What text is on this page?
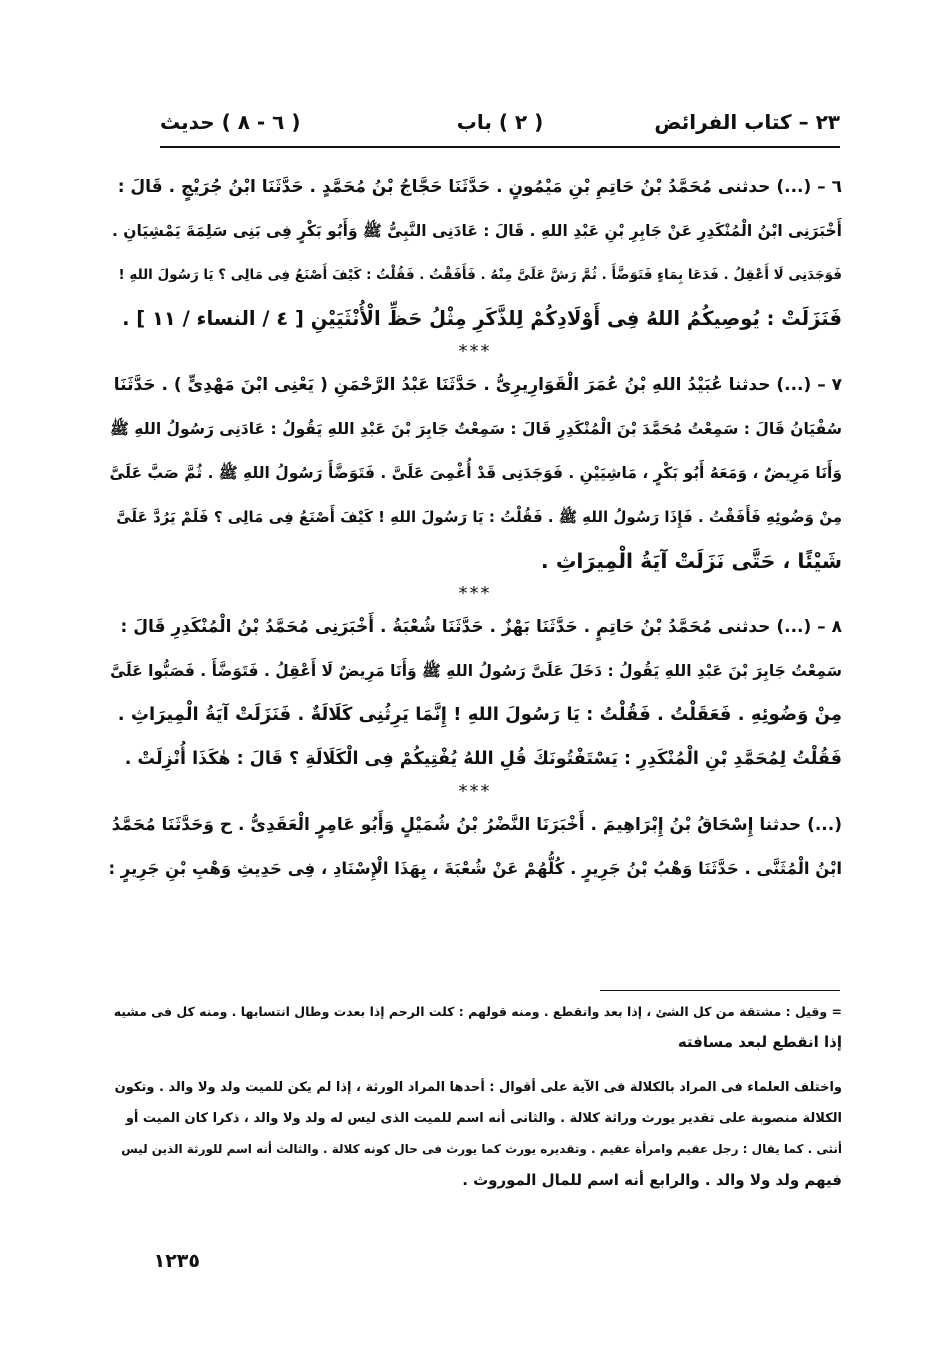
٢٣ – كتاب الفرائض
( ٢ ) باب
( ٦ - ٨ ) حديث

٦ – (...) حدثنى مُحَمَّدُ بْنُ حَاتِمِ بْنِ مَيْمُونٍ . حَدَّثَنَا حَجَّاجُ بْنُ مُحَمَّدٍ . حَدَّثَنَا ابْنُ جُرَيْجٍ . قَالَ :

أَخْبَرَنِى ابْنُ الْمُنْكَدِرِ عَنْ جَابِرِ بْنِ عَبْدِ اللهِ . قَالَ : عَادَنِى النَّبِىُّ ﷺ وَأَبُو بَكْرٍ فِى بَنِى سَلِمَةَ يَمْشِيَانِ .

فَوَجَدَنِى لَا أَعْقِلُ . فَدَعَا بِمَاءٍ فَتَوَضَّأَ . ثُمَّ رَشَّ عَلَىَّ مِنْهُ . فَأَفَقْتُ . فَقُلْتُ : كَيْفَ أَصْنَعُ فِى مَالِى ؟ يَا رَسُولَ اللهِ !

فَنَزَلَتْ : يُوصِيكُمُ اللهُ فِى أَوْلَادِكُمْ لِلذَّكَرِ مِثْلُ حَظِّ الْأُنْثَيَيْنِ [ ٤ / النساء / ١١ ] .

***

٧ – (...) حدثنا عُبَيْدُ اللهِ بْنُ عُمَرَ الْقَوَارِيرِىُّ . حَدَّثَنَا عَبْدُ الرَّحْمَنِ ( يَعْنِى ابْنَ مَهْدِىٍّ ) . حَدَّثَنَا

سُفْيَانُ قَالَ : سَمِعْتُ مُحَمَّدَ بْنَ الْمُنْكَدِرِ قَالَ : سَمِعْتُ جَابِرَ بْنَ عَبْدِ اللهِ يَقُولُ : عَادَنِى رَسُولُ اللهِ ﷺ

وَأَنَا مَرِيضٌ ، وَمَعَهُ أَبُو بَكْرٍ ، مَاشِيَيْنِ . فَوَجَدَنِى قَدْ أُغْمِىَ عَلَىَّ . فَتَوَضَّأَ رَسُولُ اللهِ ﷺ . ثُمَّ صَبَّ عَلَىَّ

مِنْ وَضُوئِهِ فَأَفَقْتُ . فَإِذَا رَسُولُ اللهِ ﷺ . فَقُلْتُ : يَا رَسُولَ اللهِ ! كَيْفَ أَصْنَعُ فِى مَالِى ؟ فَلَمْ يَرُدَّ عَلَىَّ

شَيْئًا ، حَتَّى نَزَلَتْ آيَةُ الْمِيرَاثِ .

***

٨ – (...) حدثنى مُحَمَّدُ بْنُ حَاتِمٍ . حَدَّثَنَا بَهْزٌ . حَدَّثَنَا شُعْبَةُ . أَخْبَرَنِى مُحَمَّدُ بْنُ الْمُنْكَدِرِ قَالَ :

سَمِعْتُ جَابِرَ بْنَ عَبْدِ اللهِ يَقُولُ : دَخَلَ عَلَىَّ رَسُولُ اللهِ ﷺ وَأَنَا مَرِيضٌ لَا أَعْقِلُ . فَتَوَضَّأَ . فَصَبُّوا عَلَىَّ

مِنْ وَضُوئِهِ . فَعَقَلْتُ . فَقُلْتُ : يَا رَسُولَ اللهِ ! إِنَّمَا يَرِثُنِى كَلَالَةٌ . فَنَزَلَتْ آيَةُ الْمِيرَاثِ .

فَقُلْتُ لِمُحَمَّدِ بْنِ الْمُنْكَدِرِ : يَسْتَفْتُونَكَ قُلِ اللهُ يُفْتِيكُمْ فِى الْكَلَالَةِ ؟ قَالَ : هٰكَذَا أُنْزِلَتْ .

***

(...) حدثنا إِسْحَاقُ بْنُ إِبْرَاهِيمَ . أَخْبَرَنَا النَّضْرُ بْنُ شُمَيْلٍ وَأَبُو عَامِرٍ الْعَقَدِىُّ . ح وَحَدَّثَنَا مُحَمَّدُ

ابْنُ الْمُثَنَّى . حَدَّثَنَا وَهْبُ بْنُ جَرِيرٍ . كُلُّهُمْ عَنْ شُعْبَةَ ، بِهَذَا الْإِسْنَادِ ، فِى حَدِيثِ وَهْبِ بْنِ جَرِيرٍ :

= وقيل : مشتقة من كل الشئ ، إذا بعد وانقطع . ومنه قولهم : كلت الرحم إذا بعدت وطال انتسابها . ومنه كل فى مشيه

إذا انقطع لبعد مسافته

واختلف العلماء فى المراد بالكلالة فى الآية على أقوال : أحدها المراد الورثة ، إذا لم يكن للميت ولد ولا والد . وتكون

الكلالة منصوبة على تقدير يورث وراثة كلالة . والثانى أنه اسم للميت الذى ليس له ولد ولا والد ، ذكرا كان الميت أو

أنثى . كما يقال : رجل عقيم وامرأة عقيم . وتقديره يورث كما يورث فى حال كونه كلالة . والثالث أنه اسم للورثة الذين ليس

فيهم ولد ولا والد . والرابع أنه اسم للمال الموروث .

١٢٣٥
